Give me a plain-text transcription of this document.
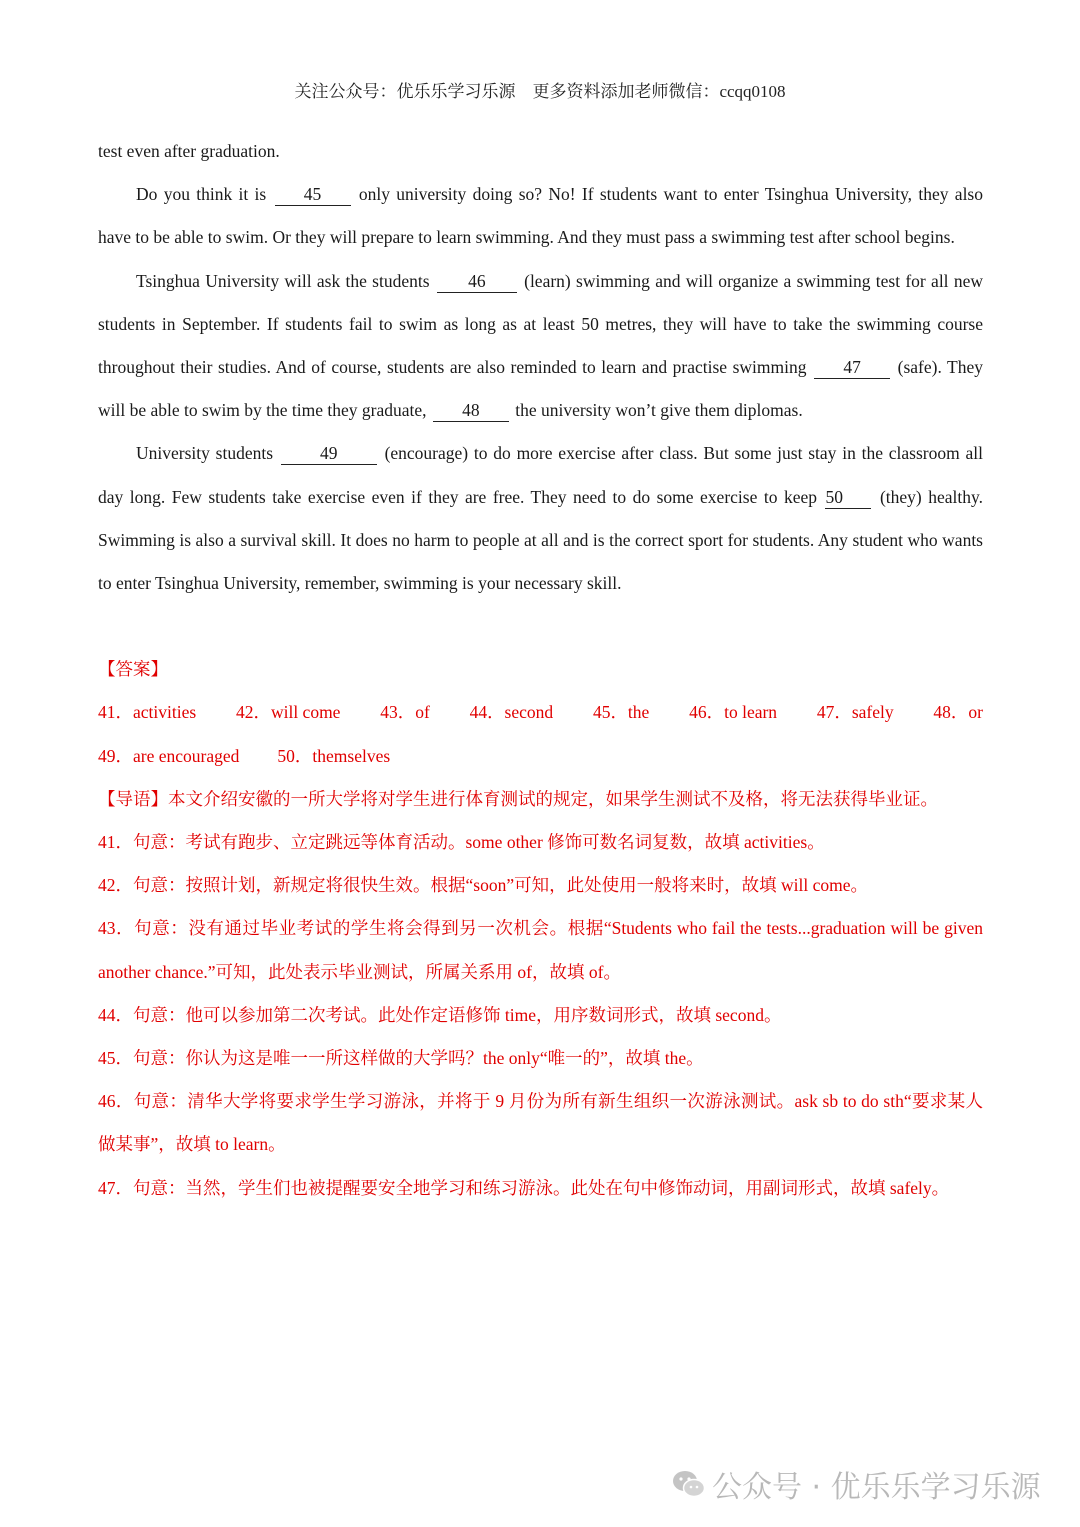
关注公众号：优乐乐学习乐源　更多资料添加老师微信：ccqq0108

test even after graduation.

Do you think it is 45 only university doing so? No! If students want to enter Tsinghua University, they also have to be able to swim. Or they will prepare to learn swimming. And they must pass a swimming test after school begins.

Tsinghua University will ask the students 46 (learn) swimming and will organize a swimming test for all new students in September. If students fail to swim as long as at least 50 metres, they will have to take the swimming course throughout their studies. And of course, students are also reminded to learn and practise swimming 47 (safe). They will be able to swim by the time they graduate, 48 the university won’t give them diplomas.

University students 49 (encourage) to do more exercise after class. But some just stay in the classroom all day long. Few students take exercise even if they are free. They need to do some exercise to keep 50 (they) healthy. Swimming is also a survival skill. It does no harm to people at all and is the correct sport for students. Any student who wants to enter Tsinghua University, remember, swimming is your necessary skill.

【答案】
41．activities 42．will come 43．of 44．second 45．the 46．to learn 47．safely 48．or
49．are encouraged 50．themselves

【导语】本文介绍安徽的一所大学将对学生进行体育测试的规定，如果学生测试不及格，将无法获得毕业证。

41．句意：考试有跑步、立定跳远等体育活动。some other 修饰可数名词复数，故填 activities。

42．句意：按照计划，新规定将很快生效。根据“soon”可知，此处使用一般将来时，故填 will come。

43．句意：没有通过毕业考试的学生将会得到另一次机会。根据“Students who fail the tests...graduation will be given another chance.”可知，此处表示毕业测试，所属关系用 of，故填 of。

44．句意：他可以参加第二次考试。此处作定语修饰 time，用序数词形式，故填 second。

45．句意：你认为这是唯一一所这样做的大学吗？the only“唯一的”，故填 the。

46．句意：清华大学将要求学生学习游泳，并将于 9 月份为所有新生组织一次游泳测试。ask sb to do sth“要求某人做某事”，故填 to learn。

47．句意：当然，学生们也被提醒要安全地学习和练习游泳。此处在句中修饰动词，用副词形式，故填 safely。

公众号 · 优乐乐学习乐源
